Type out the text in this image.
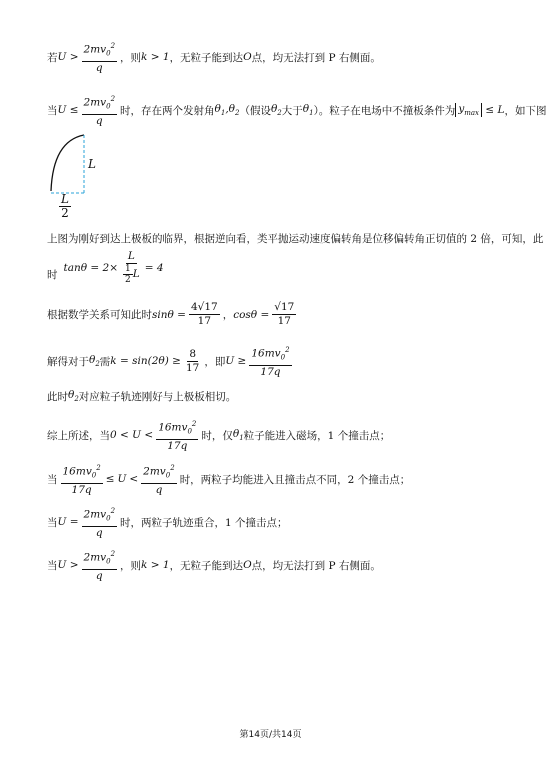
若 U
> $\frac{2mv_0^2}{q}$ ，则 k > 1 ，无粒子能到达 O 点，均无法打到 P 右侧面。
当 U
≤ $\frac{2mv_0^2}{q}$ 时，存在两个发射角 $\theta_1,\theta_2$ （假设 $\theta_2$ 大于 $\theta_1$ ）。粒子在电场中不撞板条件为 $y_{max}$
≤
L ，如下图
L
$\frac{L}{2}$
上图为刚好到达上极板的临界，根据逆向看，类平抛运动速度偏转角是位移偏转角正切值的 2 倍，可知，此
时
$\tan\theta = 2\times \frac{L}{\frac{1}{2} L} = 4$
根据数学关系可知此时 $\sin\theta = \frac{4√17}{17}$ ， $\cos\theta = \frac{√17}{17}$
解得对于 $\theta_2$ 需 $k = \sin(2\theta) \ge \frac{8}{17}$ ，即 $U \ge \frac{16mv_0^2}{17q}$
此时 $\theta_2$ 对应粒子轨迹刚好与上极板相切。
综上所述，当 0 <
U
< $\frac{16mv_0^2}{17q}$ 时，仅 $\theta_1$ 粒子能进入磁场，1 个撞击点；
当 $\frac{16mv_0^2}{17q} \le U < \frac{2mv_0^2}{q}$ 时，两粒子均能进入且撞击点不同，2 个撞击点；
当 U
= $\frac{2mv_0^2}{q}$ 时，两粒子轨迹重合，1 个撞击点；
当 U
> $\frac{2mv_0^2}{q}$ ，则 k > 1 ，无粒子能到达 O 点，均无法打到 P 右侧面。
第14页/共14页
